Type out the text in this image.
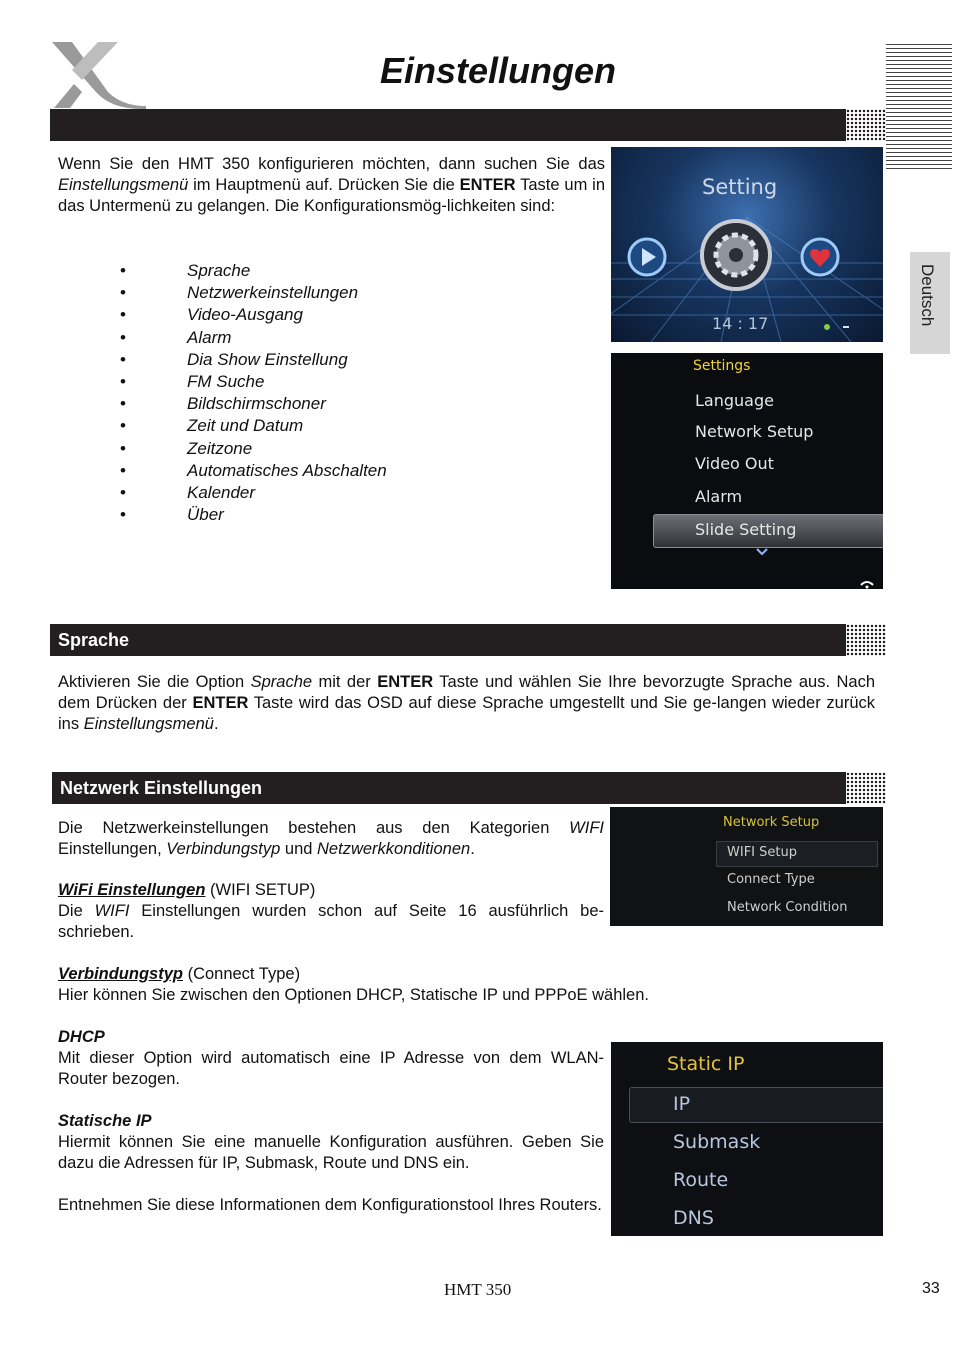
Einstellungen
Deutsch
Wenn Sie den HMT 350 konfigurieren möchten, dann suchen Sie das Einstellungsmenü im Hauptmenü auf. Drücken Sie die ENTER Taste um in das Untermenü zu gelangen. Die Konfigurationsmög-lichkeiten sind:
•	Sprache
•	Netzwerkeinstellungen
•	Video-Ausgang
•	Alarm
•	Dia Show Einstellung
•	FM Suche
•	Bildschirmschoner
•	Zeit und Datum
•	Zeitzone
•	Automatisches Abschalten
•	Kalender
•	Über
Setting
14 : 17
Settings
Language
Network Setup
Video Out
Alarm
Slide Setting
Sprache
Aktivieren Sie die Option Sprache mit der ENTER Taste und wählen Sie Ihre bevorzugte Sprache aus. Nach dem Drücken der ENTER Taste wird das OSD auf diese Sprache umgestellt und Sie ge-langen wieder zurück ins Einstellungsmenü.
Netzwerk Einstellungen
Die Netzwerkeinstellungen bestehen aus den Kategorien WIFI Einstellungen, Verbindungstyp und Netzwerkkonditionen.
WiFi Einstellungen (WIFI SETUP)
Die WIFI Einstellungen wurden schon auf Seite 16 ausführlich be-schrieben.
Verbindungstyp (Connect Type)
Hier können Sie zwischen den Optionen DHCP, Statische IP und PPPoE wählen.
DHCP
Mit dieser Option wird automatisch eine IP Adresse von dem WLAN-Router bezogen.
Statische IP
Hiermit können Sie eine manuelle Konfiguration ausführen. Geben Sie dazu die Adressen für IP, Submask, Route und DNS ein.
Entnehmen Sie diese Informationen dem Konfigurationstool Ihres Routers.
Network Setup
WIFI Setup
Connect Type
Network Condition
Static IP
IP
Submask
Route
DNS
HMT 350	33
